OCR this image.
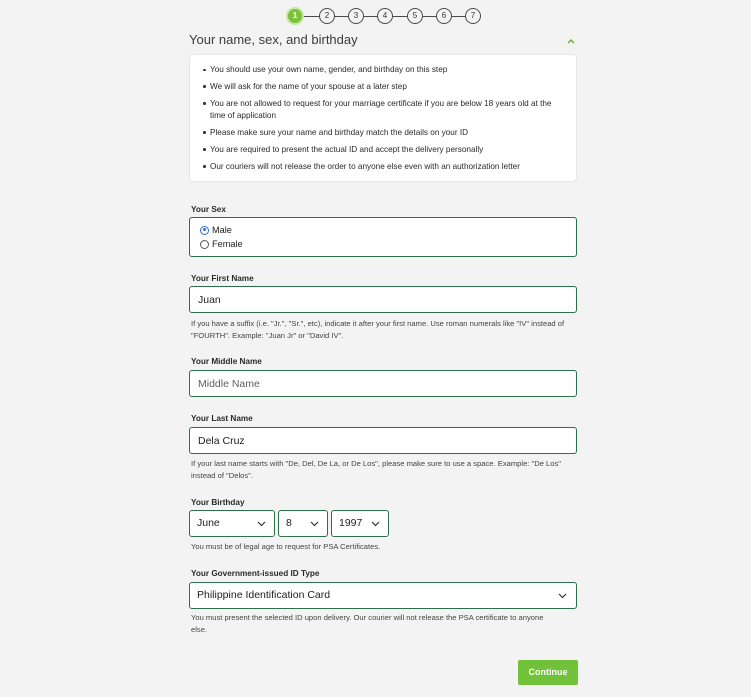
1	2	3	4	5	6	7
Your name, sex, and birthday
You should use your own name, gender, and birthday on this step
We will ask for the name of your spouse at a later step
You are not allowed to request for your marriage certificate if you are below 18 years old at the time of application
Please make sure your name and birthday match the details on your ID
You are required to present the actual ID and accept the delivery personally
Our couriers will not release the order to anyone else even with an authorization letter
Your Sex
Male
Female
Your First Name
Juan
If you have a suffix (i.e. "Jr.", "Sr.", etc), indicate it after your first name. Use roman numerals like "IV" instead of "FOURTH". Example: "Juan Jr" or "David IV".
Your Middle Name
Middle Name
Your Last Name
Dela Cruz
If your last name starts with "De, Del, De La, or De Los", please make sure to use a space. Example: "De Los" instead of "Delos".
Your Birthday
June	8	1997
You must be of legal age to request for PSA Certificates.
Your Government-issued ID Type
Philippine Identification Card
You must present the selected ID upon delivery. Our courier will not release the PSA certificate to anyone else.
Continue
